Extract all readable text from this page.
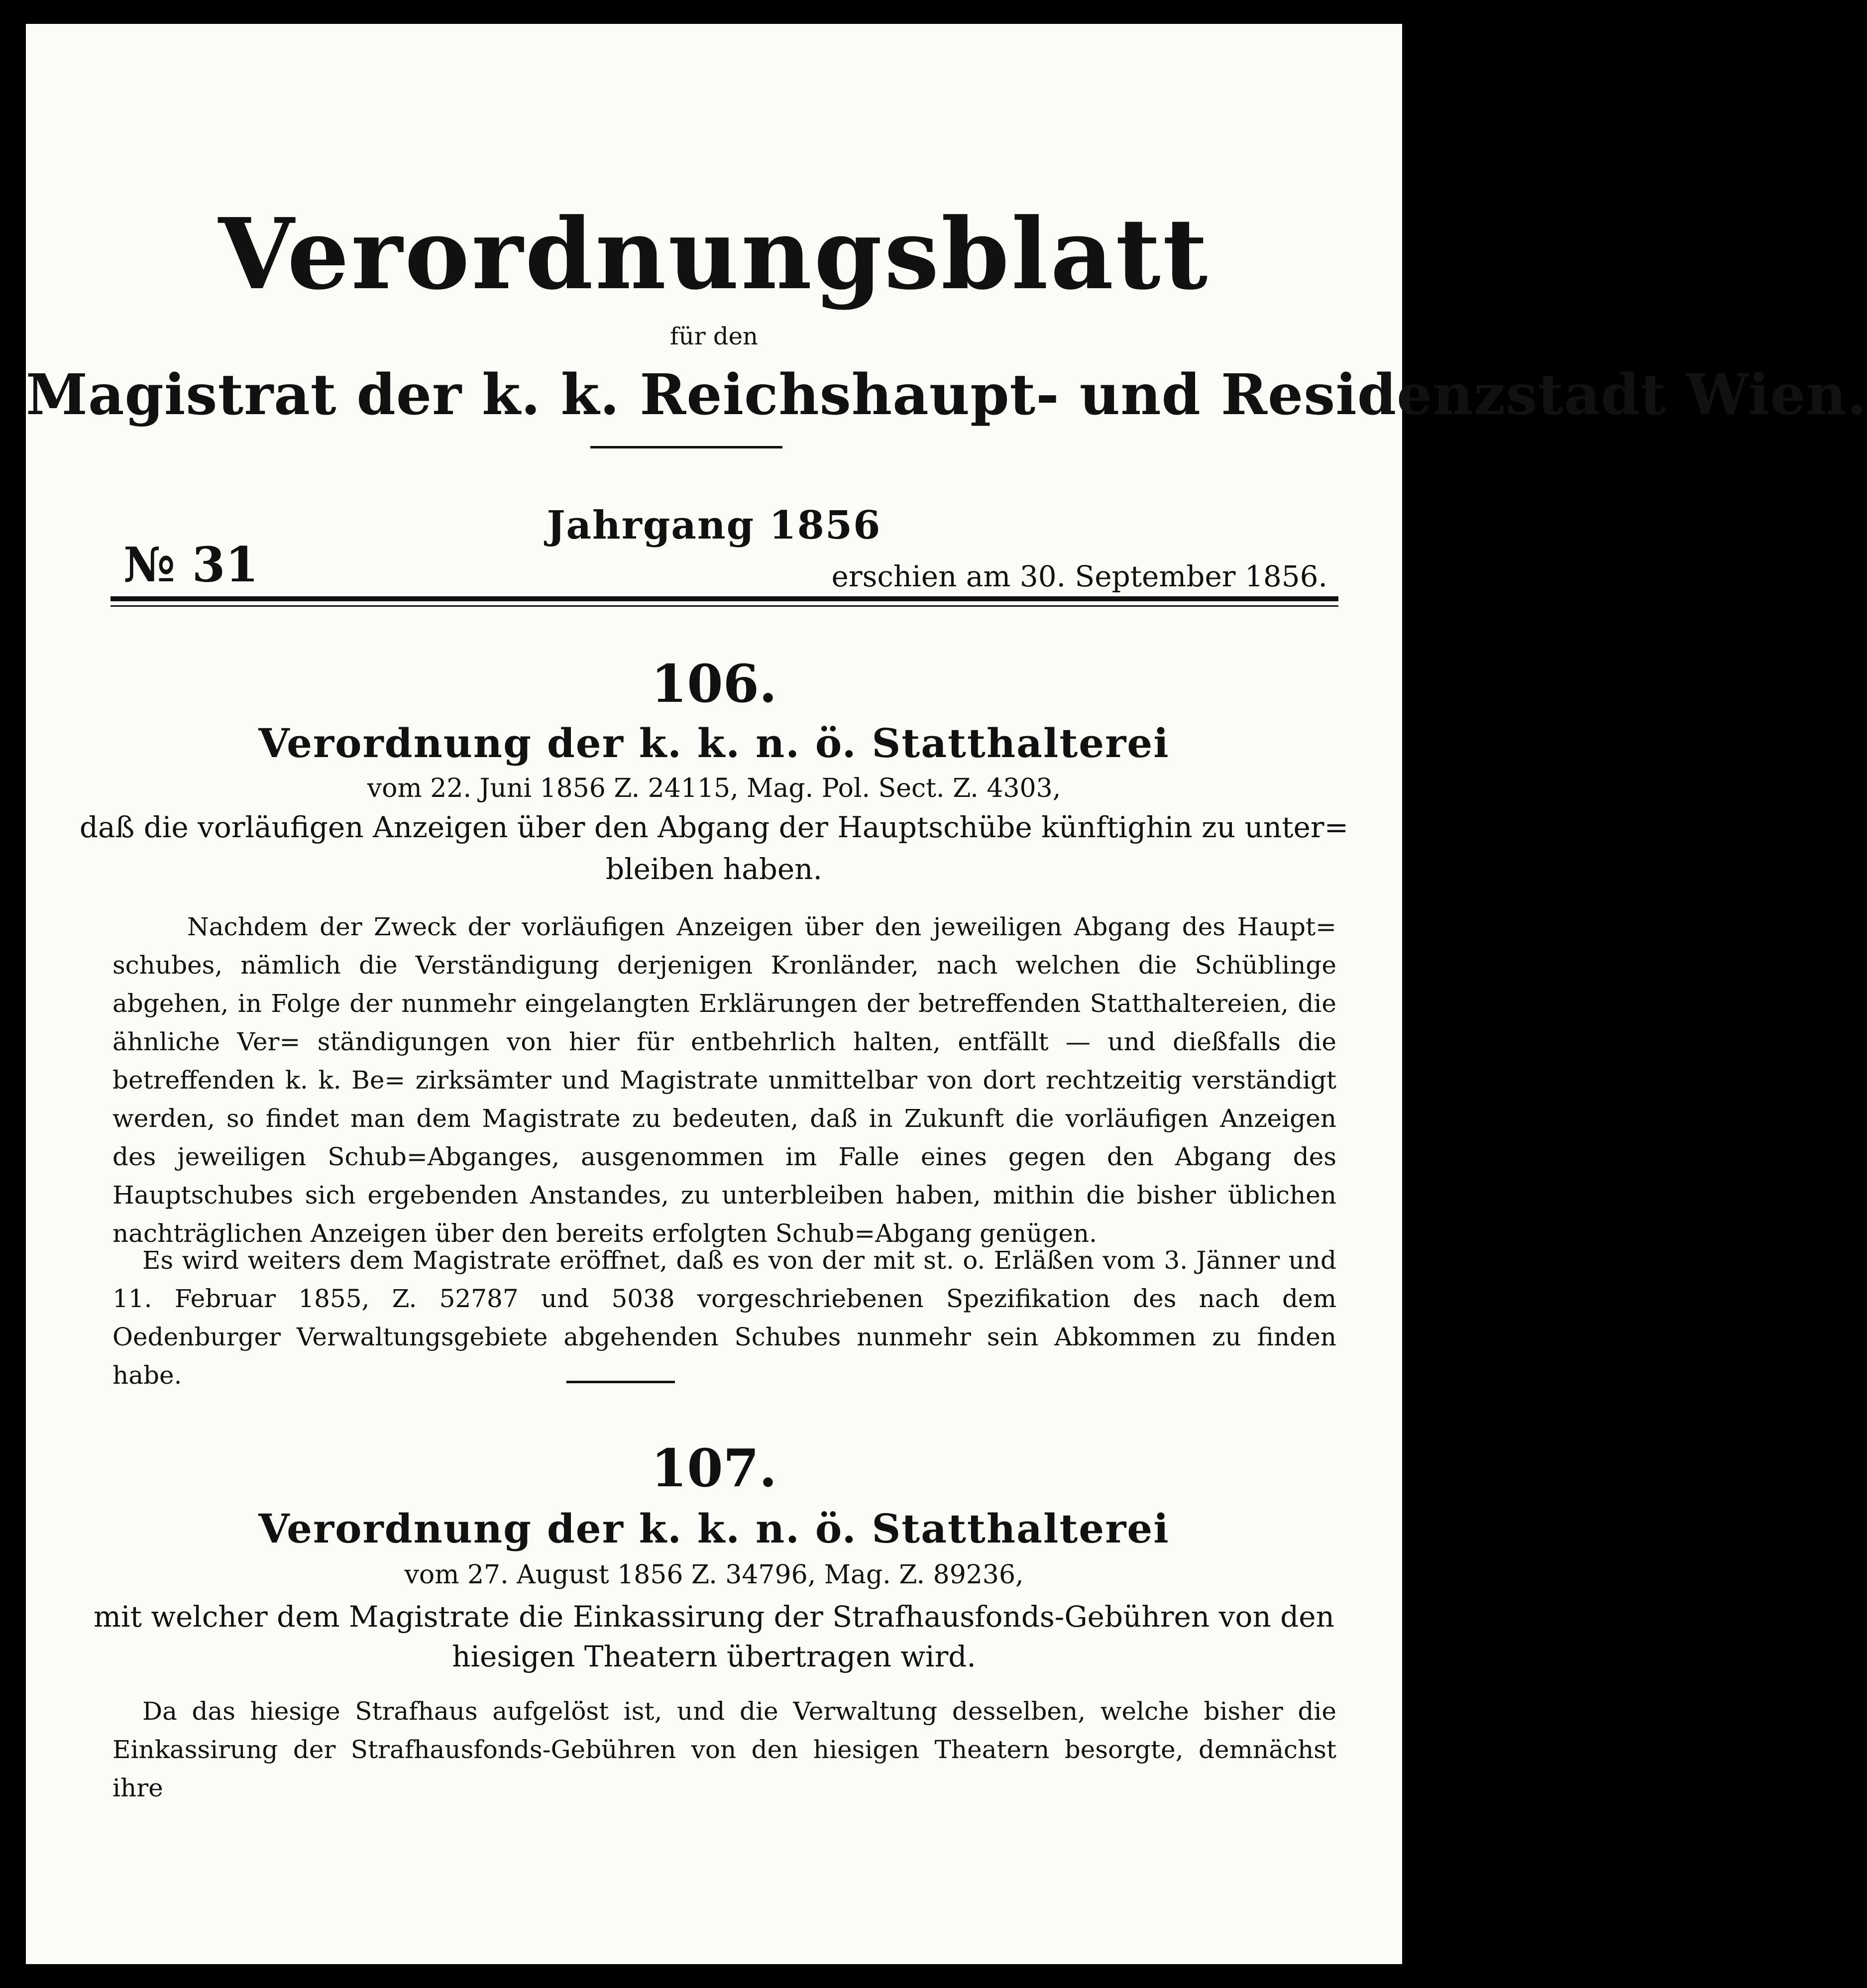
Verordnungsblatt
für den
Magistrat der k. k. Reichshaupt- und Residenzstadt Wien.
Jahrgang 1856
№ 31	erschien am 30. September 1856.
106.
Verordnung der k. k. n. ö. Statthalterei
vom 22. Juni 1856 Z. 24115, Mag. Pol. Sect. Z. 4303,
daß die vorläufigen Anzeigen über den Abgang der Hauptschübe künftighin zu unter=
bleiben haben.
Nachdem der Zweck der vorläufigen Anzeigen über den jeweiligen Abgang des Haupt= schubes, nämlich die Verständigung derjenigen Kronländer, nach welchen die Schüblinge abgehen, in Folge der nunmehr eingelangten Erklärungen der betreffenden Statthaltereien, die ähnliche Ver= ständigungen von hier für entbehrlich halten, entfällt — und dießfalls die betreffenden k. k. Be= zirksämter und Magistrate unmittelbar von dort rechtzeitig verständigt werden, so findet man dem Magistrate zu bedeuten, daß in Zukunft die vorläufigen Anzeigen des jeweiligen Schub=Abganges, ausgenommen im Falle eines gegen den Abgang des Hauptschubes sich ergebenden Anstandes, zu unterbleiben haben, mithin die bisher üblichen nachträglichen Anzeigen über den bereits erfolgten Schub=Abgang genügen.
Es wird weiters dem Magistrate eröffnet, daß es von der mit st. o. Erläßen vom 3. Jänner und 11. Februar 1855, Z. 52787 und 5038 vorgeschriebenen Spezifikation des nach dem Oedenburger Verwaltungsgebiete abgehenden Schubes nunmehr sein Abkommen zu finden habe.
107.
Verordnung der k. k. n. ö. Statthalterei
vom 27. August 1856 Z. 34796, Mag. Z. 89236,
mit welcher dem Magistrate die Einkassirung der Strafhausfonds-Gebühren von den
hiesigen Theatern übertragen wird.
Da das hiesige Strafhaus aufgelöst ist, und die Verwaltung desselben, welche bisher die Einkassirung der Strafhausfonds-Gebühren von den hiesigen Theatern besorgte, demnächst ihre
